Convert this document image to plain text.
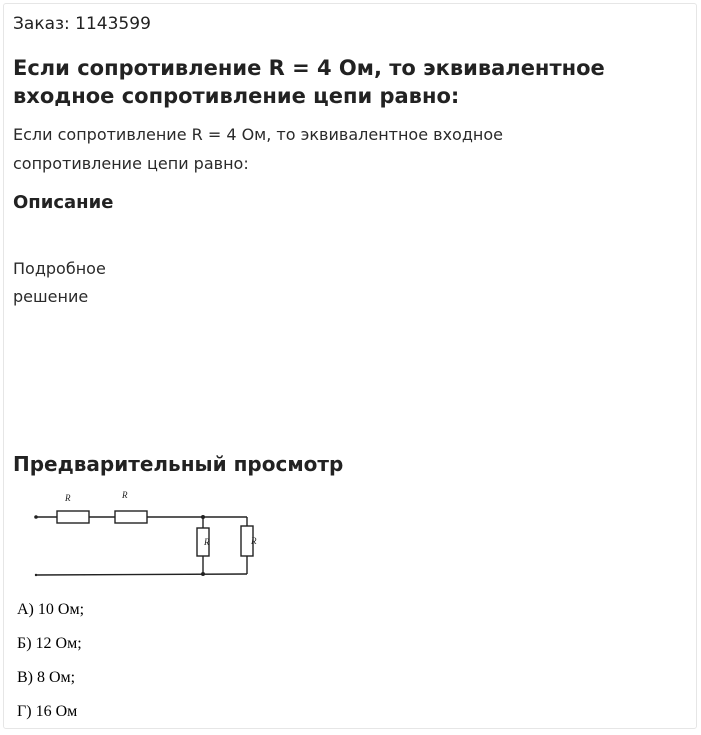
Заказ: 1143599
Если сопротивление R = 4 Ом, то эквивалентное входное сопротивление цепи равно:

Если сопротивление R = 4 Ом, то эквивалентное входное сопротивление цепи равно:

Описание

Подробное решение

Предварительный просмотр
R	R
R	R
А) 10 Ом;
Б) 12 Ом;
В) 8 Ом;
Г) 16 Ом
